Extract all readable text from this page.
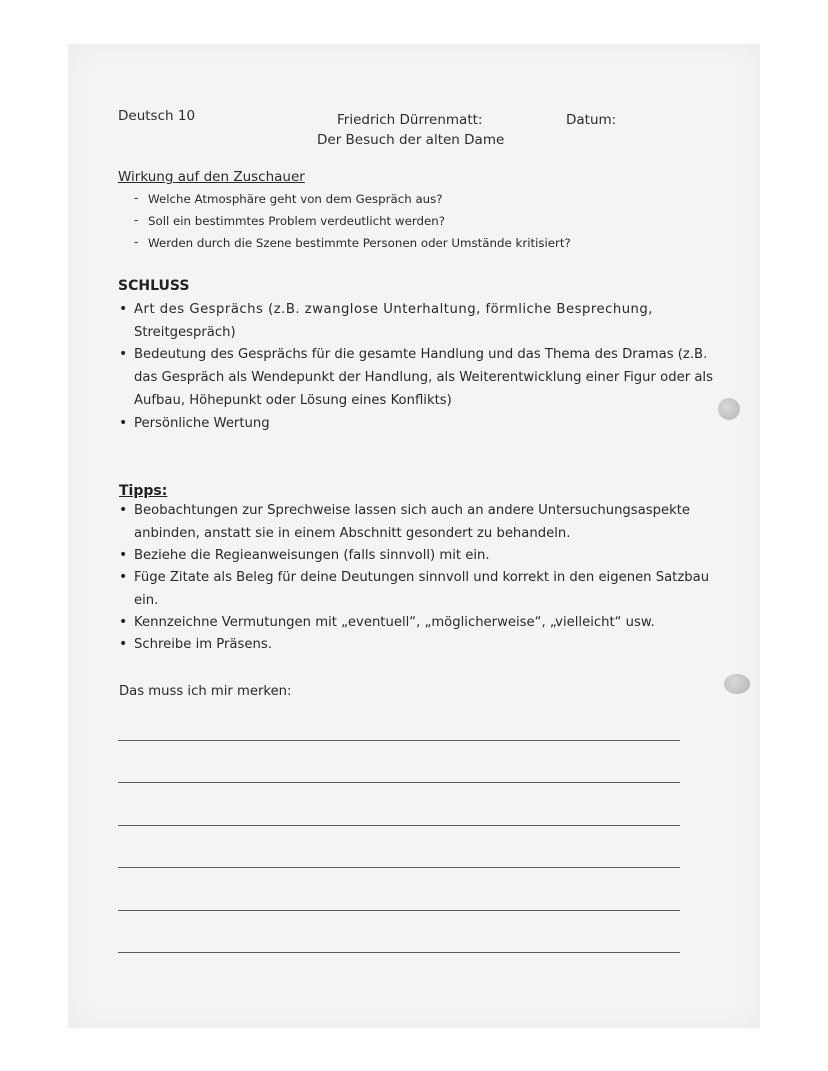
Deutsch 10	Friedrich Dürrenmatt:
Der Besuch der alten Dame
Datum:
Wirkung auf den Zuschauer
- Welche Atmosphäre geht von dem Gespräch aus?
- Soll ein bestimmtes Problem verdeutlicht werden?
- Werden durch die Szene bestimmte Personen oder Umstände kritisiert?
SCHLUSS
• Art des Gesprächs (z.B. zwanglose Unterhaltung, förmliche Besprechung,
Streitgespräch)
• Bedeutung des Gesprächs für die gesamte Handlung und das Thema des Dramas (z.B.
das Gespräch als Wendepunkt der Handlung, als Weiterentwicklung einer Figur oder als
Aufbau, Höhepunkt oder Lösung eines Konflikts)
• Persönliche Wertung
Tipps:
• Beobachtungen zur Sprechweise lassen sich auch an andere Untersuchungsaspekte
anbinden, anstatt sie in einem Abschnitt gesondert zu behandeln.
• Beziehe die Regieanweisungen (falls sinnvoll) mit ein.
• Füge Zitate als Beleg für deine Deutungen sinnvoll und korrekt in den eigenen Satzbau
ein.
• Kennzeichne Vermutungen mit „eventuell“, „möglicherweise“, „vielleicht“ usw.
• Schreibe im Präsens.
Das muss ich mir merken:
